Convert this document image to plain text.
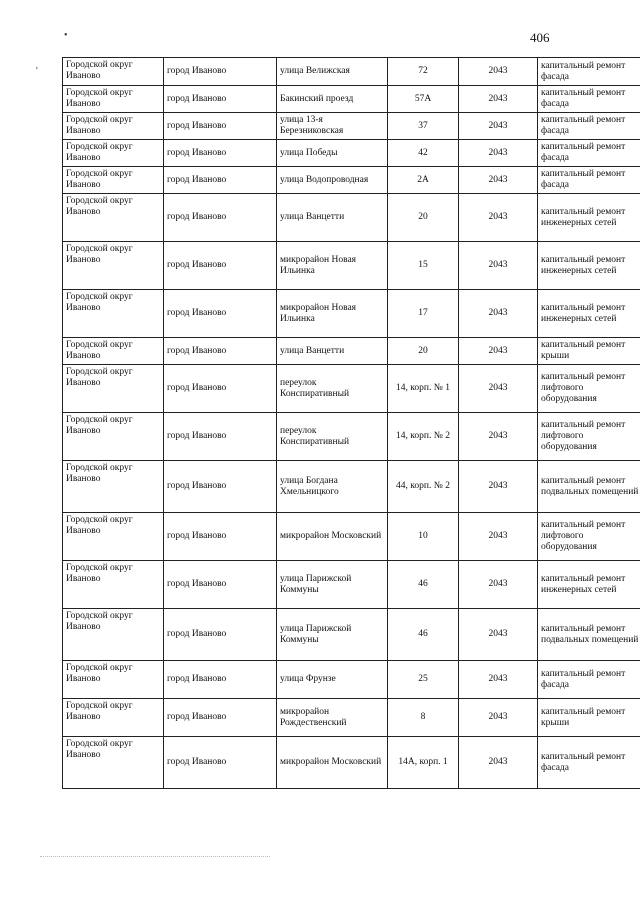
406
•
'
Городской округ Иваново	город Иваново	улица Велижская	72	2043	капитальный ремонт фасада
Городской округ Иваново	город Иваново	Бакинский проезд	57А	2043	капитальный ремонт фасада
Городской округ Иваново	город Иваново	улица 13-я Березниковская	37	2043	капитальный ремонт фасада
Городской округ Иваново	город Иваново	улица Победы	42	2043	капитальный ремонт фасада
Городской округ Иваново	город Иваново	улица Водопроводная	2А	2043	капитальный ремонт фасада
Городской округ Иваново	город Иваново	улица Ванцетти	20	2043	капитальный ремонт инженерных сетей
Городской округ Иваново	город Иваново	микрорайон Новая Ильинка	15	2043	капитальный ремонт инженерных сетей
Городской округ Иваново	город Иваново	микрорайон Новая Ильинка	17	2043	капитальный ремонт инженерных сетей
Городской округ Иваново	город Иваново	улица Ванцетти	20	2043	капитальный ремонт крыши
Городской округ Иваново	город Иваново	переулок Конспиративный	14, корп. № 1	2043	капитальный ремонт лифтового оборудования
Городской округ Иваново	город Иваново	переулок Конспиративный	14, корп. № 2	2043	капитальный ремонт лифтового оборудования
Городской округ Иваново	город Иваново	улица Богдана Хмельницкого	44, корп. № 2	2043	капитальный ремонт подвальных помещений
Городской округ Иваново	город Иваново	микрорайон Московский	10	2043	капитальный ремонт лифтового оборудования
Городской округ Иваново	город Иваново	улица Парижской Коммуны	46	2043	капитальный ремонт инженерных сетей
Городской округ Иваново	город Иваново	улица Парижской Коммуны	46	2043	капитальный ремонт подвальных помещений
Городской округ Иваново	город Иваново	улица Фрунзе	25	2043	капитальный ремонт фасада
Городской округ Иваново	город Иваново	микрорайон Рождественский	8	2043	капитальный ремонт крыши
Городской округ Иваново	город Иваново	микрорайон Московский	14А, корп. 1	2043	капитальный ремонт фасада
